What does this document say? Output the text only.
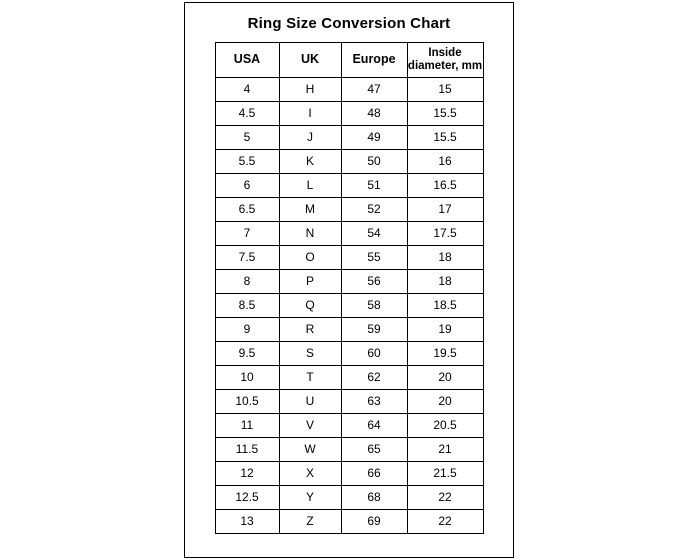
Ring Size Conversion Chart
USA	UK	Europe	Inside diameter, mm
4	H	47	15
4.5	I	48	15.5
5	J	49	15.5
5.5	K	50	16
6	L	51	16.5
6.5	M	52	17
7	N	54	17.5
7.5	O	55	18
8	P	56	18
8.5	Q	58	18.5
9	R	59	19
9.5	S	60	19.5
10	T	62	20
10.5	U	63	20
11	V	64	20.5
11.5	W	65	21
12	X	66	21.5
12.5	Y	68	22
13	Z	69	22
